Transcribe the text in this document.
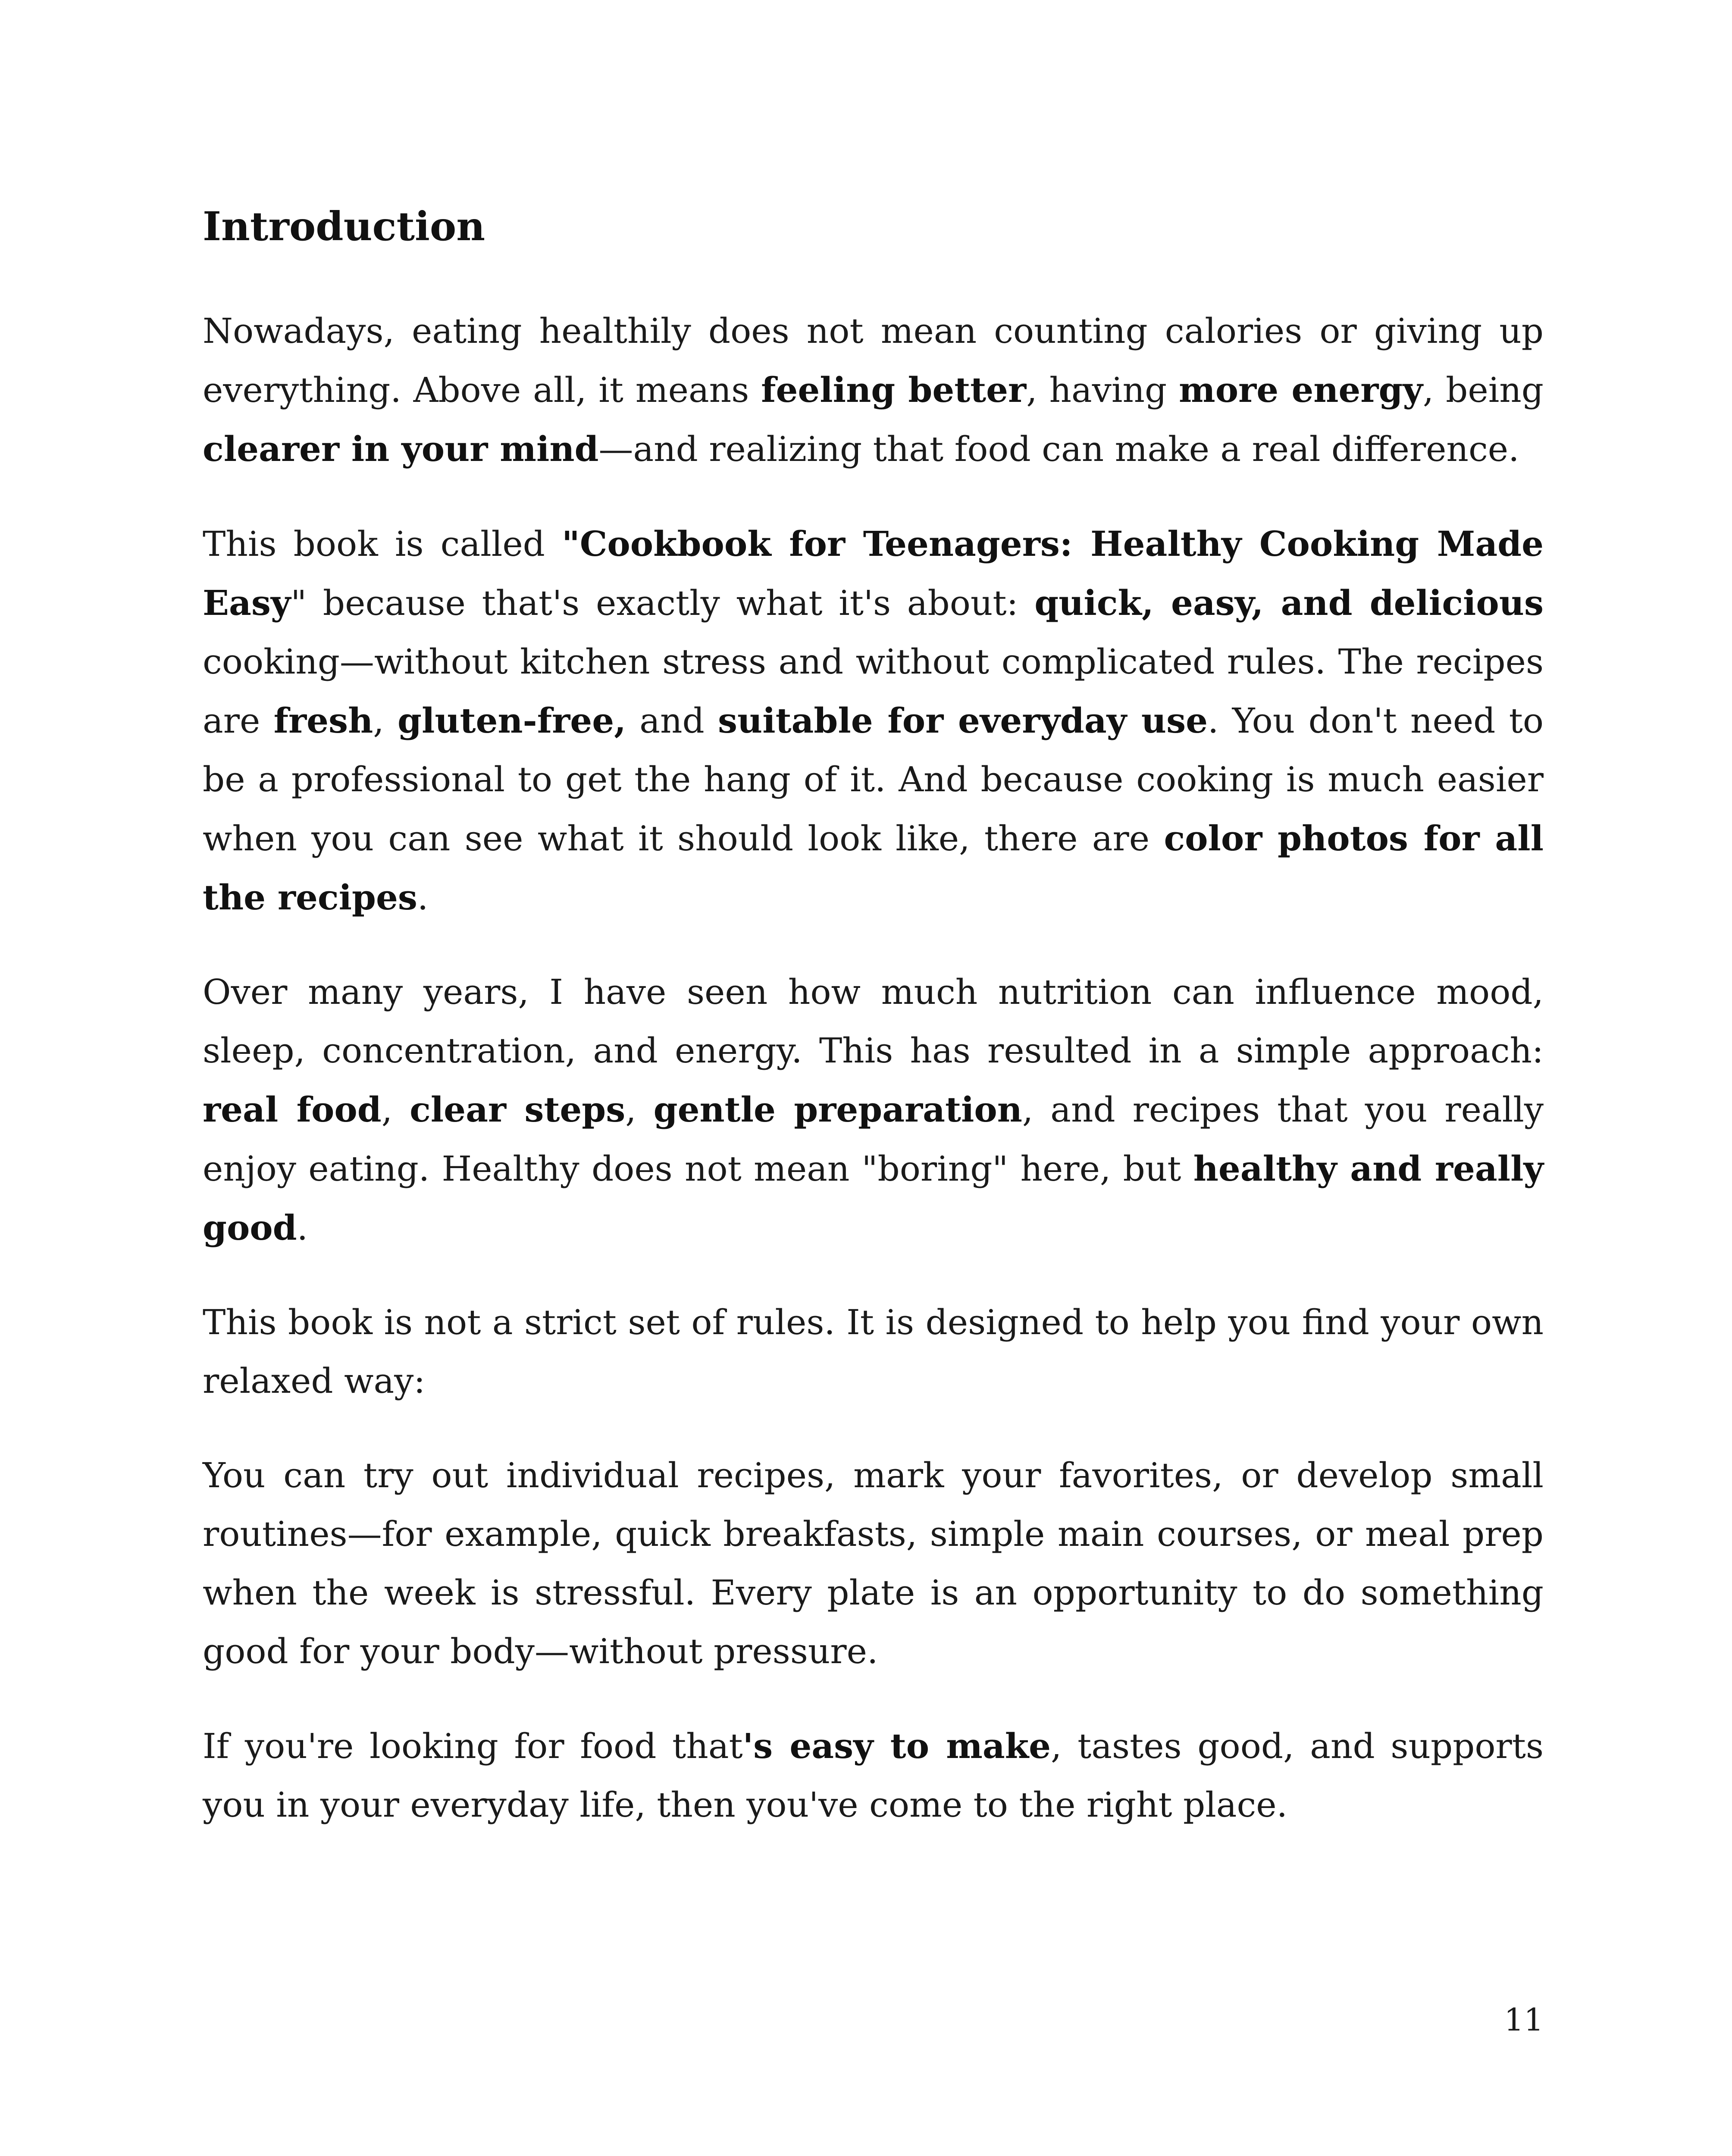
Introduction

Nowadays, eating healthily does not mean counting calories or giving up everything. Above all, it means feeling better, having more energy, being clearer in your mind—and realizing that food can make a real difference.

This book is called "Cookbook for Teenagers: Healthy Cooking Made Easy" because that's exactly what it's about: quick, easy, and delicious cooking—without kitchen stress and without complicated rules. The recipes are fresh, gluten-free, and suitable for everyday use. You don't need to be a professional to get the hang of it. And because cooking is much easier when you can see what it should look like, there are color photos for all the recipes.

Over many years, I have seen how much nutrition can influence mood, sleep, concentration, and energy. This has resulted in a simple approach: real food, clear steps, gentle preparation, and recipes that you really enjoy eating. Healthy does not mean "boring" here, but healthy and really good.

This book is not a strict set of rules. It is designed to help you find your own relaxed way:

You can try out individual recipes, mark your favorites, or develop small routines—for example, quick breakfasts, simple main courses, or meal prep when the week is stressful. Every plate is an opportunity to do something good for your body—without pressure.

If you're looking for food that's easy to make, tastes good, and supports you in your everyday life, then you've come to the right place.

11
